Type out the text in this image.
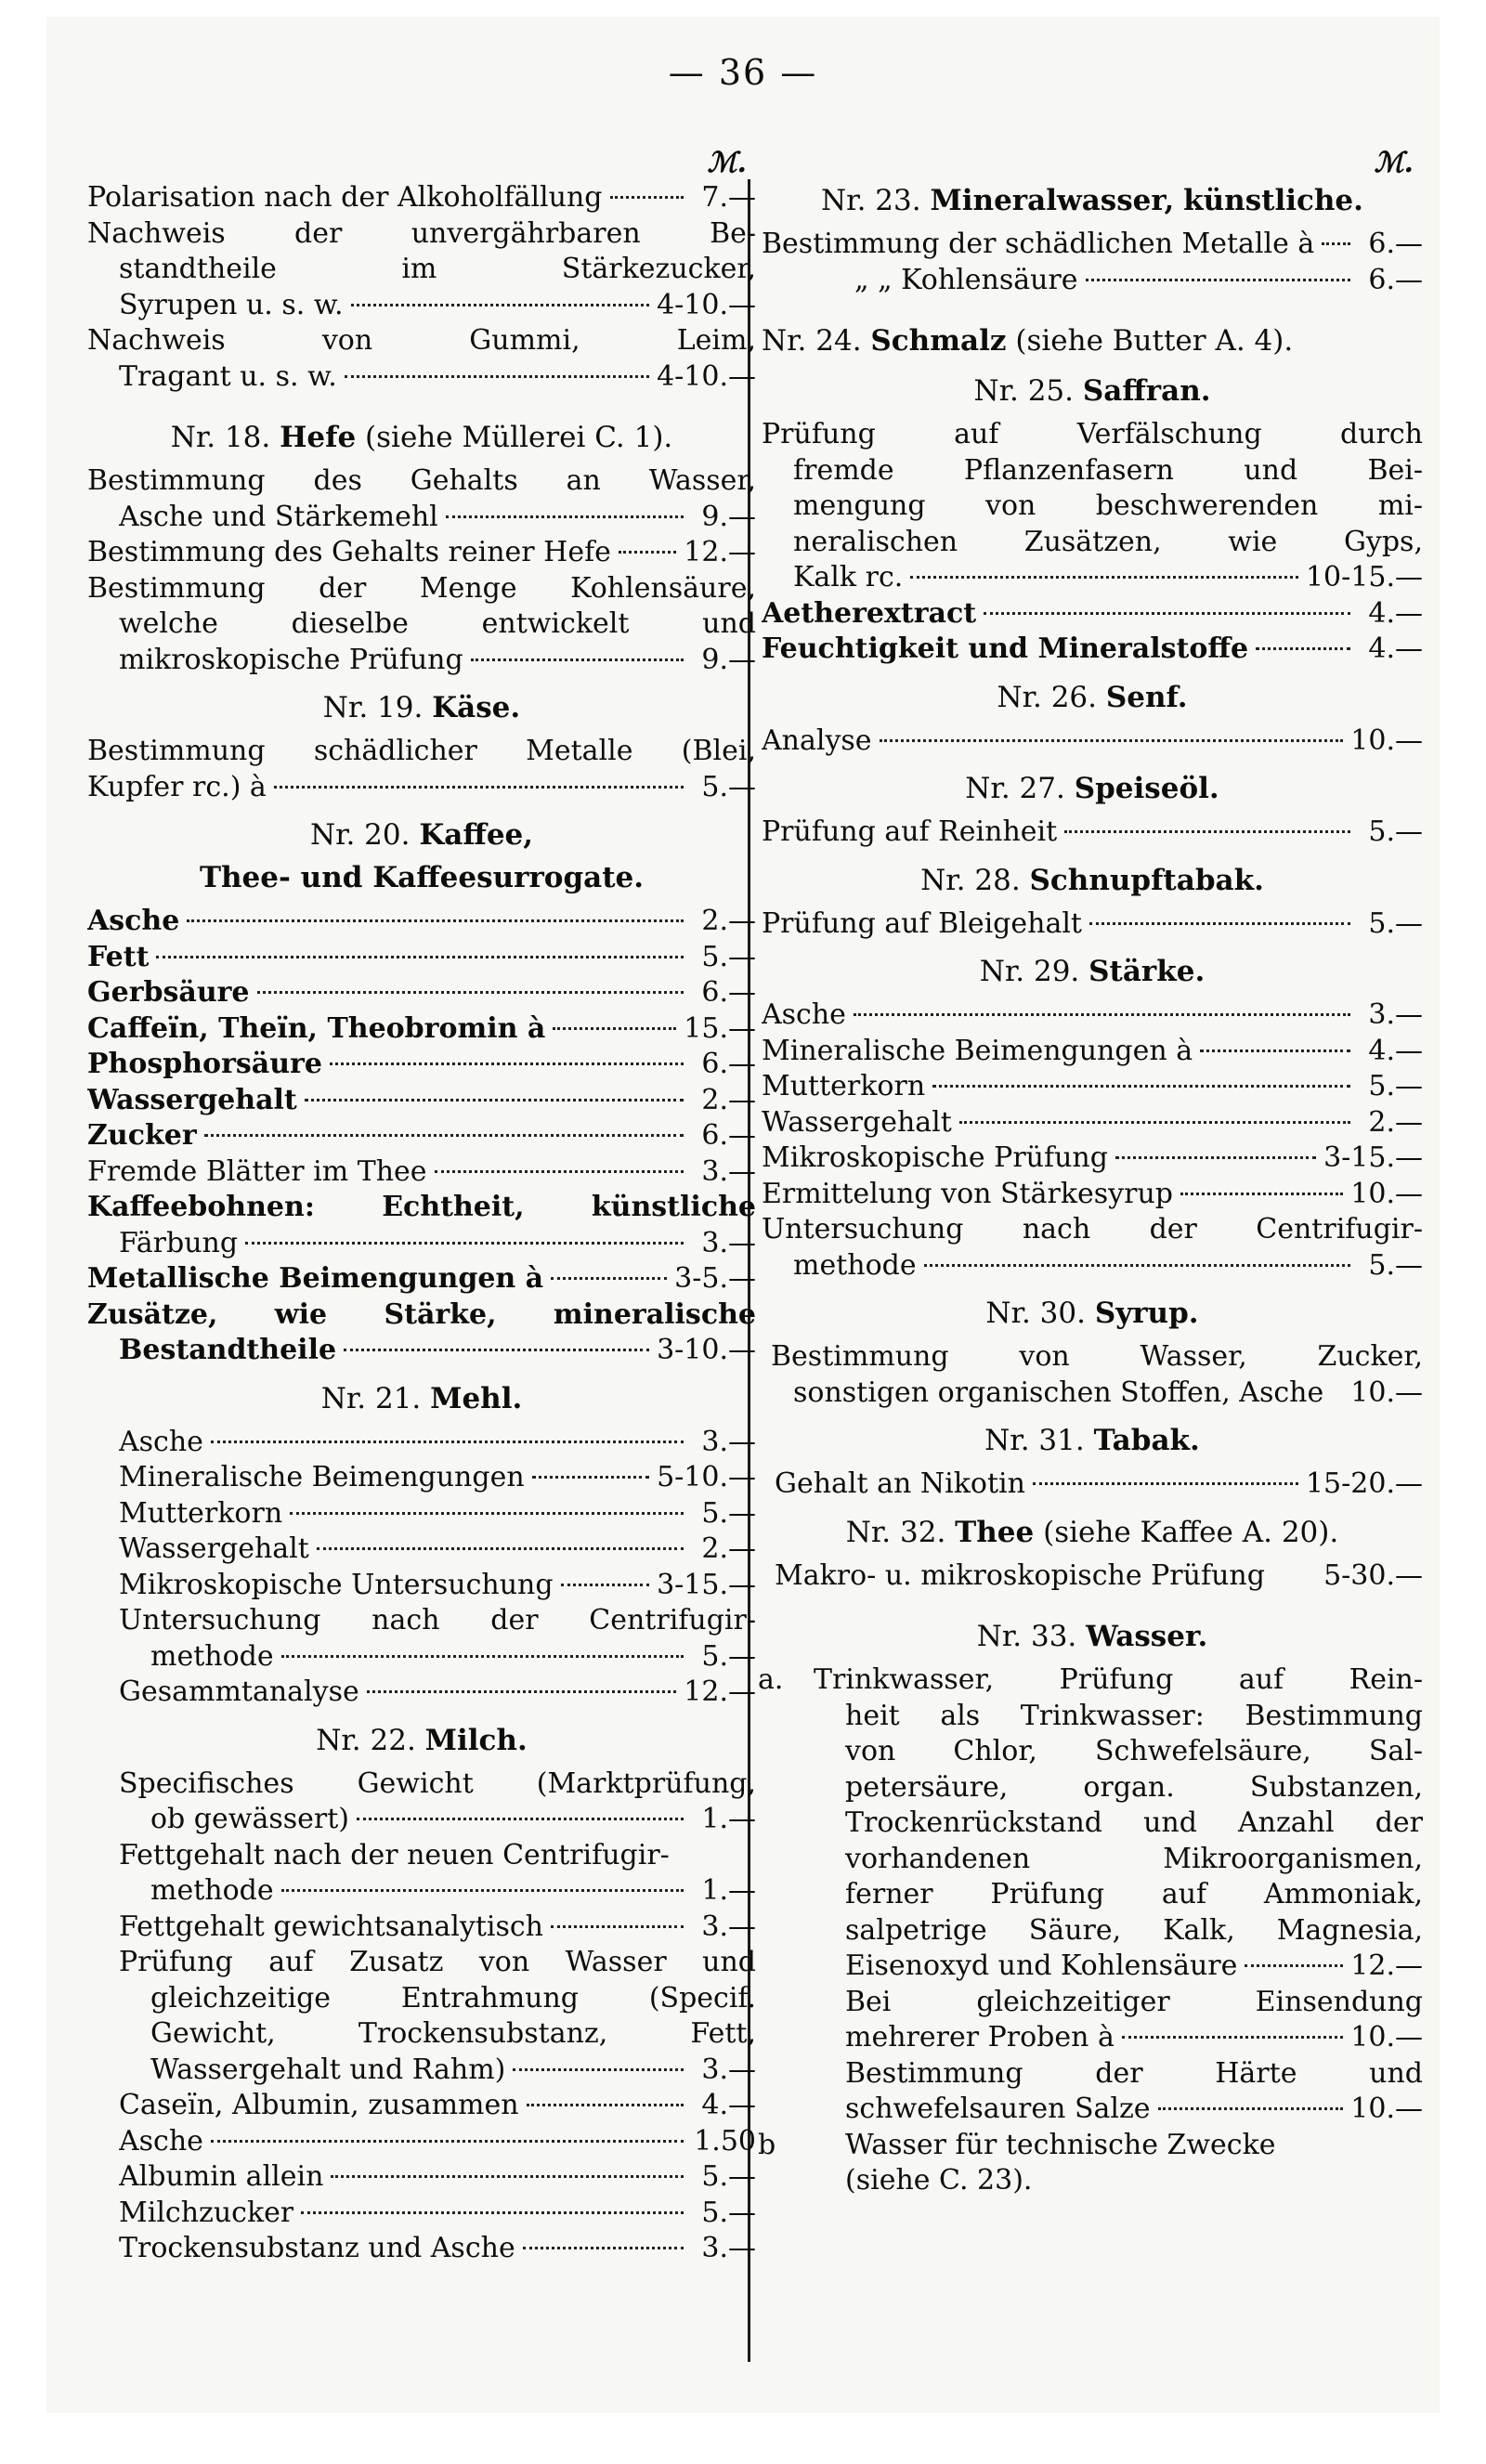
— 36 —
ℳ.
Polarisation nach der Alkoholfällung	7.—
Nachweis der unvergährbaren Be-
standtheile im Stärkezucker,
Syrupen u. s. w.	4-10.—
Nachweis von Gummi, Leim,
Tragant u. s. w.	4-10.—
Nr. 18. Hefe (siehe Müllerei C. 1).
Bestimmung des Gehalts an Wasser,
Asche und Stärkemehl	9.—
Bestimmung des Gehalts reiner Hefe	12.—
Bestimmung der Menge Kohlensäure,
welche dieselbe entwickelt und
mikroskopische Prüfung	9.—
Nr. 19. Käse.
Bestimmung schädlicher Metalle (Blei,
Kupfer rc.) à	5.—
Nr. 20. Kaffee,
Thee- und Kaffeesurrogate.
Asche	2.—
Fett	5.—
Gerbsäure	6.—
Caffeïn, Theïn, Theobromin à	15.—
Phosphorsäure	6.—
Wassergehalt	2.—
Zucker	6.—
Fremde Blätter im Thee	3.—
Kaffeebohnen: Echtheit, künstliche
Färbung	3.—
Metallische Beimengungen à	3-5.—
Zusätze, wie Stärke, mineralische
Bestandtheile	3-10.—
Nr. 21. Mehl.
Asche	3.—
Mineralische Beimengungen	5-10.—
Mutterkorn	5.—
Wassergehalt	2.—
Mikroskopische Untersuchung	3-15.—
Untersuchung nach der Centrifugir-
methode	5.—
Gesammtanalyse	12.—
Nr. 22. Milch.
Specifisches Gewicht (Marktprüfung,
ob gewässert)	1.—
Fettgehalt nach der neuen Centrifugir-
methode	1.—
Fettgehalt gewichtsanalytisch	3.—
Prüfung auf Zusatz von Wasser und
gleichzeitige Entrahmung (Specif.
Gewicht, Trockensubstanz, Fett,
Wassergehalt und Rahm)	3.—
Caseïn, Albumin, zusammen	4.—
Asche	1.50
Albumin allein	5.—
Milchzucker	5.—
Trockensubstanz und Asche	3.—
ℳ.
Nr. 23. Mineralwasser, künstliche.
Bestimmung der schädlichen Metalle à	6.—
„ „ Kohlensäure	6.—
Nr. 24. Schmalz (siehe Butter A. 4).
Nr. 25. Saffran.
Prüfung auf Verfälschung durch
fremde Pflanzenfasern und Bei-
mengung von beschwerenden mi-
neralischen Zusätzen, wie Gyps,
Kalk rc.	10-15.—
Aetherextract	4.—
Feuchtigkeit und Mineralstoffe	4.—
Nr. 26. Senf.
Analyse	10.—
Nr. 27. Speiseöl.
Prüfung auf Reinheit	5.—
Nr. 28. Schnupftabak.
Prüfung auf Bleigehalt	5.—
Nr. 29. Stärke.
Asche	3.—
Mineralische Beimengungen à	4.—
Mutterkorn	5.—
Wassergehalt	2.—
Mikroskopische Prüfung	3-15.—
Ermittelung von Stärkesyrup	10.—
Untersuchung nach der Centrifugir-
methode	5.—
Nr. 30. Syrup.
Bestimmung von Wasser, Zucker,
sonstigen organischen Stoffen, Asche 10.—
Nr. 31. Tabak.
Gehalt an Nikotin	15-20.—
Nr. 32. Thee (siehe Kaffee A. 20).
Makro- u. mikroskopische Prüfung 5-30.—
Nr. 33. Wasser.
a. Trinkwasser, Prüfung auf Rein-
heit als Trinkwasser: Bestimmung
von Chlor, Schwefelsäure, Sal-
petersäure, organ. Substanzen,
Trockenrückstand und Anzahl der
vorhandenen Mikroorganismen,
ferner Prüfung auf Ammoniak,
salpetrige Säure, Kalk, Magnesia,
Eisenoxyd und Kohlensäure	12.—
Bei gleichzeitiger Einsendung
mehrerer Proben à	10.—
Bestimmung der Härte und
schwefelsauren Salze	10.—
b	Wasser für technische Zwecke
(siehe C. 23).
